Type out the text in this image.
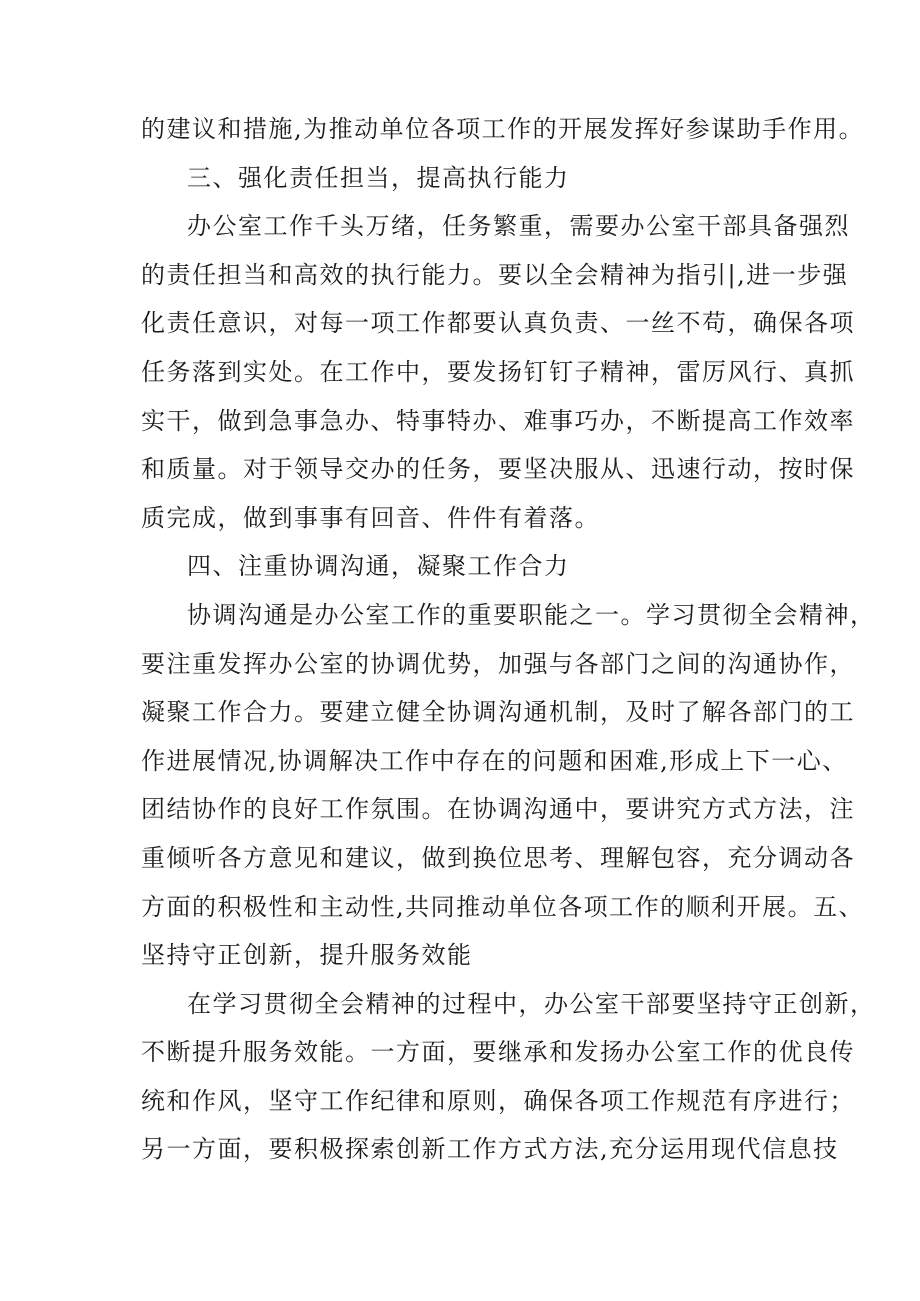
的建议和措施,为推动单位各项工作的开展发挥好参谋助手作用。
三、强化责任担当，提高执行能力
办公室工作千头万绪，任务繁重，需要办公室干部具备强烈
的责任担当和高效的执行能力。要以全会精神为指引|,进一步强
化责任意识，对每一项工作都要认真负责、一丝不苟，确保各项
任务落到实处。在工作中，要发扬钉钉子精神，雷厉风行、真抓
实干，做到急事急办、特事特办、难事巧办，不断提高工作效率
和质量。对于领导交办的任务，要坚决服从、迅速行动，按时保
质完成，做到事事有回音、件件有着落。
四、注重协调沟通，凝聚工作合力
协调沟通是办公室工作的重要职能之一。学习贯彻全会精神，
要注重发挥办公室的协调优势，加强与各部门之间的沟通协作，
凝聚工作合力。要建立健全协调沟通机制，及时了解各部门的工
作进展情况,协调解决工作中存在的问题和困难,形成上下一心、
团结协作的良好工作氛围。在协调沟通中，要讲究方式方法，注
重倾听各方意见和建议，做到换位思考、理解包容，充分调动各
方面的积极性和主动性,共同推动单位各项工作的顺利开展。五、
坚持守正创新，提升服务效能
在学习贯彻全会精神的过程中，办公室干部要坚持守正创新，
不断提升服务效能。一方面，要继承和发扬办公室工作的优良传
统和作风，坚守工作纪律和原则，确保各项工作规范有序进行；
另一方面，要积极探索创新工作方式方法,充分运用现代信息技
